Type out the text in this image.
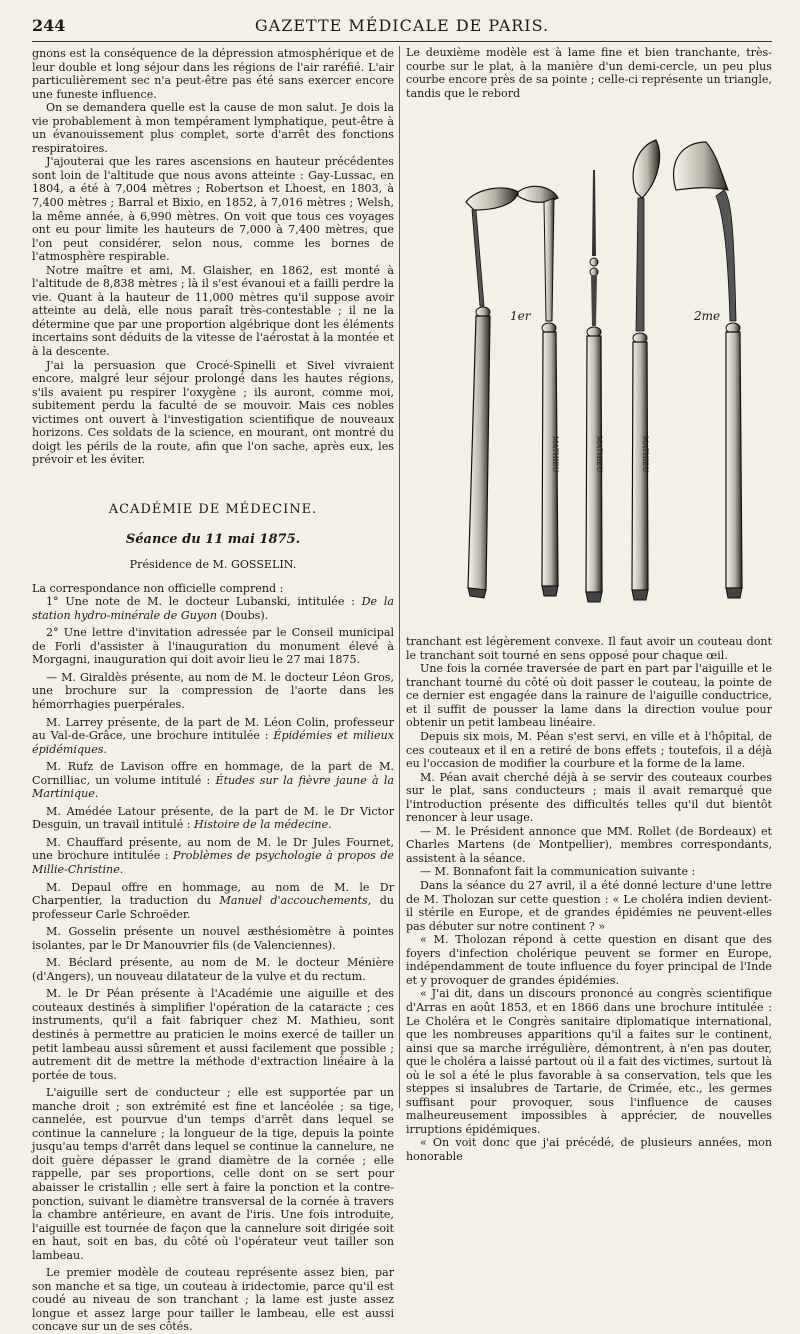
244	GAZETTE MÉDICALE DE PARIS.

gnons est la conséquence de la dépression atmosphérique et de leur double et long séjour dans les régions de l'air raréfié. L'air particulièrement sec n'a peut-être pas été sans exercer encore une funeste influence.

On se demandera quelle est la cause de mon salut. Je dois la vie probablement à mon tempérament lymphatique, peut-être à un évanouissement plus complet, sorte d'arrêt des fonctions respiratoires.

J'ajouterai que les rares ascensions en hauteur précédentes sont loin de l'altitude que nous avons atteinte : Gay-Lussac, en 1804, a été à 7,004 mètres ; Robertson et Lhoest, en 1803, à 7,400 mètres ; Barral et Bixio, en 1852, à 7,016 mètres ; Welsh, la même année, à 6,990 mètres. On voit que tous ces voyages ont eu pour limite les hauteurs de 7,000 à 7,400 mètres, que l'on peut considérer, selon nous, comme les bornes de l'atmosphère respirable.

Notre maître et ami, M. Glaisher, en 1862, est monté à l'altitude de 8,838 mètres ; là il s'est évanoui et a failli perdre la vie. Quant à la hauteur de 11,000 mètres qu'il suppose avoir atteinte au delà, elle nous paraît très-contestable ; il ne la détermine que par une proportion algébrique dont les éléments incertains sont déduits de la vitesse de l'aérostat à la montée et à la descente.

J'ai la persuasion que Crocé-Spinelli et Sivel vivraient encore, malgré leur séjour prolongé dans les hautes régions, s'ils avaient pu respirer l'oxygène ; ils auront, comme moi, subitement perdu la faculté de se mouvoir. Mais ces nobles victimes ont ouvert à l'investigation scientifique de nouveaux horizons. Ces soldats de la science, en mourant, ont montré du doigt les périls de la route, afin que l'on sache, après eux, les prévoir et les éviter.

ACADÉMIE DE MÉDECINE.

Séance du 11 mai 1875.

Présidence de M. GOSSELIN.

La correspondance non officielle comprend :

1° Une note de M. le docteur Lubanski, intitulée : De la station hydro-minérale de Guyon (Doubs).

2° Une lettre d'invitation adressée par le Conseil municipal de Forli d'assister à l'inauguration du monument élevé à Morgagni, inauguration qui doit avoir lieu le 27 mai 1875.

— M. Giraldès présente, au nom de M. le docteur Léon Gros, une brochure sur la compression de l'aorte dans les hémorrhagies puerpérales.

M. Larrey présente, de la part de M. Léon Colin, professeur au Val-de-Grâce, une brochure intitulée : Épidémies et milieux épidémiques.

M. Rufz de Lavison offre en hommage, de la part de M. Cornilliac, un volume intitulé : Études sur la fièvre jaune à la Martinique.

M. Amédée Latour présente, de la part de M. le Dr Victor Desguin, un travail intitulé : Histoire de la médecine.

M. Chauffard présente, au nom de M. le Dr Jules Fournet, une brochure intitulée : Problèmes de psychologie à propos de Millie-Christine.

M. Depaul offre en hommage, au nom de M. le Dr Charpentier, la traduction du Manuel d'accouchements, du professeur Carle Schroëder.

M. Gosselin présente un nouvel æsthésiomètre à pointes isolantes, par le Dr Manouvrier fils (de Valenciennes).

M. Béclard présente, au nom de M. le docteur Ménière (d'Angers), un nouveau dilatateur de la vulve et du rectum.

M. le Dr Péan présente à l'Académie une aiguille et des couteaux destinés à simplifier l'opération de la cataracte ; ces instruments, qu'il a fait fabriquer chez M. Mathieu, sont destinés à permettre au praticien le moins exercé de tailler un petit lambeau aussi sûrement et aussi facilement que possible ; autrement dit de mettre la méthode d'extraction linéaire à la portée de tous.

L'aiguille sert de conducteur ; elle est supportée par un manche droit ; son extrémité est fine et lancéolée ; sa tige, cannelée, est pourvue d'un temps d'arrêt dans lequel se continue la cannelure ; la longueur de la tige, depuis la pointe jusqu'au temps d'arrêt dans lequel se continue la cannelure, ne doit guère dépasser le grand diamètre de la cornée ; elle rappelle, par ses proportions, celle dont on se sert pour abaisser le cristallin ; elle sert à faire la ponction et la contre-ponction, suivant le diamètre transversal de la cornée à travers la chambre antérieure, en avant de l'iris. Une fois introduite, l'aiguille est tournée de façon que la cannelure soit dirigée soit en haut, soit en bas, du côté où l'opérateur veut tailler son lambeau.

Le premier modèle de couteau représente assez bien, par son manche et sa tige, un couteau à iridectomie, parce qu'il est coudé au niveau de son tranchant ; la lame est juste assez longue et assez large pour tailler le lambeau, elle est aussi concave sur un de ses côtés.

Le deuxième modèle est à lame fine et bien tranchante, très-courbe sur le plat, à la manière d'un demi-cercle, un peu plus courbe encore près de sa pointe ; celle-ci représente un triangle, tandis que le rebord

MATHIEU	MATHIEU	MATHIEU
1er	2me

tranchant est légèrement convexe. Il faut avoir un couteau dont le tranchant soit tourné en sens opposé pour chaque œil.

Une fois la cornée traversée de part en part par l'aiguille et le tranchant tourné du côté où doit passer le couteau, la pointe de ce dernier est engagée dans la rainure de l'aiguille conductrice, et il suffit de pousser la lame dans la direction voulue pour obtenir un petit lambeau linéaire.

Depuis six mois, M. Péan s'est servi, en ville et à l'hôpital, de ces couteaux et il en a retiré de bons effets ; toutefois, il a déjà eu l'occasion de modifier la courbure et la forme de la lame.

M. Péan avait cherché déjà à se servir des couteaux courbes sur le plat, sans conducteurs ; mais il avait remarqué que l'introduction présente des difficultés telles qu'il dut bientôt renoncer à leur usage.

— M. le Président annonce que MM. Rollet (de Bordeaux) et Charles Martens (de Montpellier), membres correspondants, assistent à la séance.

— M. Bonnafont fait la communication suivante :

Dans la séance du 27 avril, il a été donné lecture d'une lettre de M. Tholozan sur cette question : « Le choléra indien devient-il stérile en Europe, et de grandes épidémies ne peuvent-elles pas débuter sur notre continent ? »

« M. Tholozan répond à cette question en disant que des foyers d'infection cholérique peuvent se former en Europe, indépendamment de toute influence du foyer principal de l'Inde et y provoquer de grandes épidémies.

« J'ai dit, dans un discours prononcé au congrès scientifique d'Arras en août 1853, et en 1866 dans une brochure intitulée : Le Choléra et le Congrès sanitaire diplomatique international, que les nombreuses apparitions qu'il a faites sur le continent, ainsi que sa marche irrégulière, démontrent, à n'en pas douter, que le choléra a laissé partout où il a fait des victimes, surtout là où le sol a été le plus favorable à sa conservation, tels que les steppes si insalubres de Tartarie, de Crimée, etc., les germes suffisant pour provoquer, sous l'influence de causes malheureusement impossibles à apprécier, de nouvelles irruptions épidémiques.

« On voit donc que j'ai précédé, de plusieurs années, mon honorable
